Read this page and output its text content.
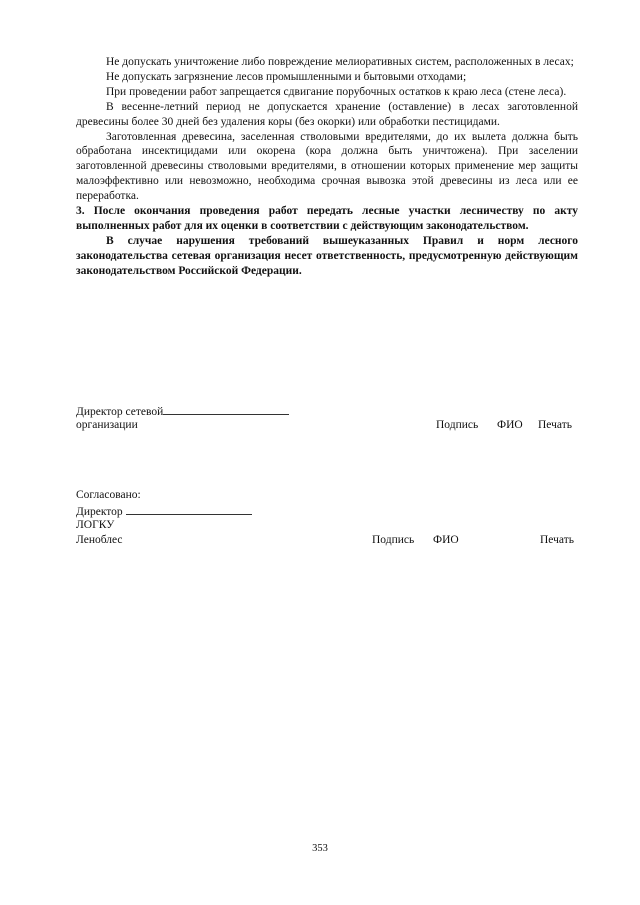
Не допускать уничтожение либо повреждение мелиоративных систем, расположенных в лесах;

Не допускать загрязнение лесов промышленными и бытовыми отходами;

При проведении работ запрещается сдвигание порубочных остатков к краю леса (стене леса).

В весенне-летний период не допускается хранение (оставление) в лесах заготовленной древесины более 30 дней без удаления коры (без окорки) или обработки пестицидами.

Заготовленная древесина, заселенная стволовыми вредителями, до их вылета должна быть обработана инсектицидами или окорена (кора должна быть уничтожена). При заселении заготовленной древесины стволовыми вредителями, в отношении которых применение мер защиты малоэффективно или невозможно, необходима срочная вывозка этой древесины из леса или ее переработка.

3. После окончания проведения работ передать лесные участки лесничеству по акту выполненных работ для их оценки в соответствии с действующим законодательством.

В случае нарушения требований вышеуказанных Правил и норм лесного законодательства сетевая организация несет ответственность, предусмотренную действующим законодательством Российской Федерации.

Директор сетевой
организации	Подпись ФИО Печать
Согласовано:
Директор
ЛОГКУ
Леноблес	Подпись ФИО	Печать
353
